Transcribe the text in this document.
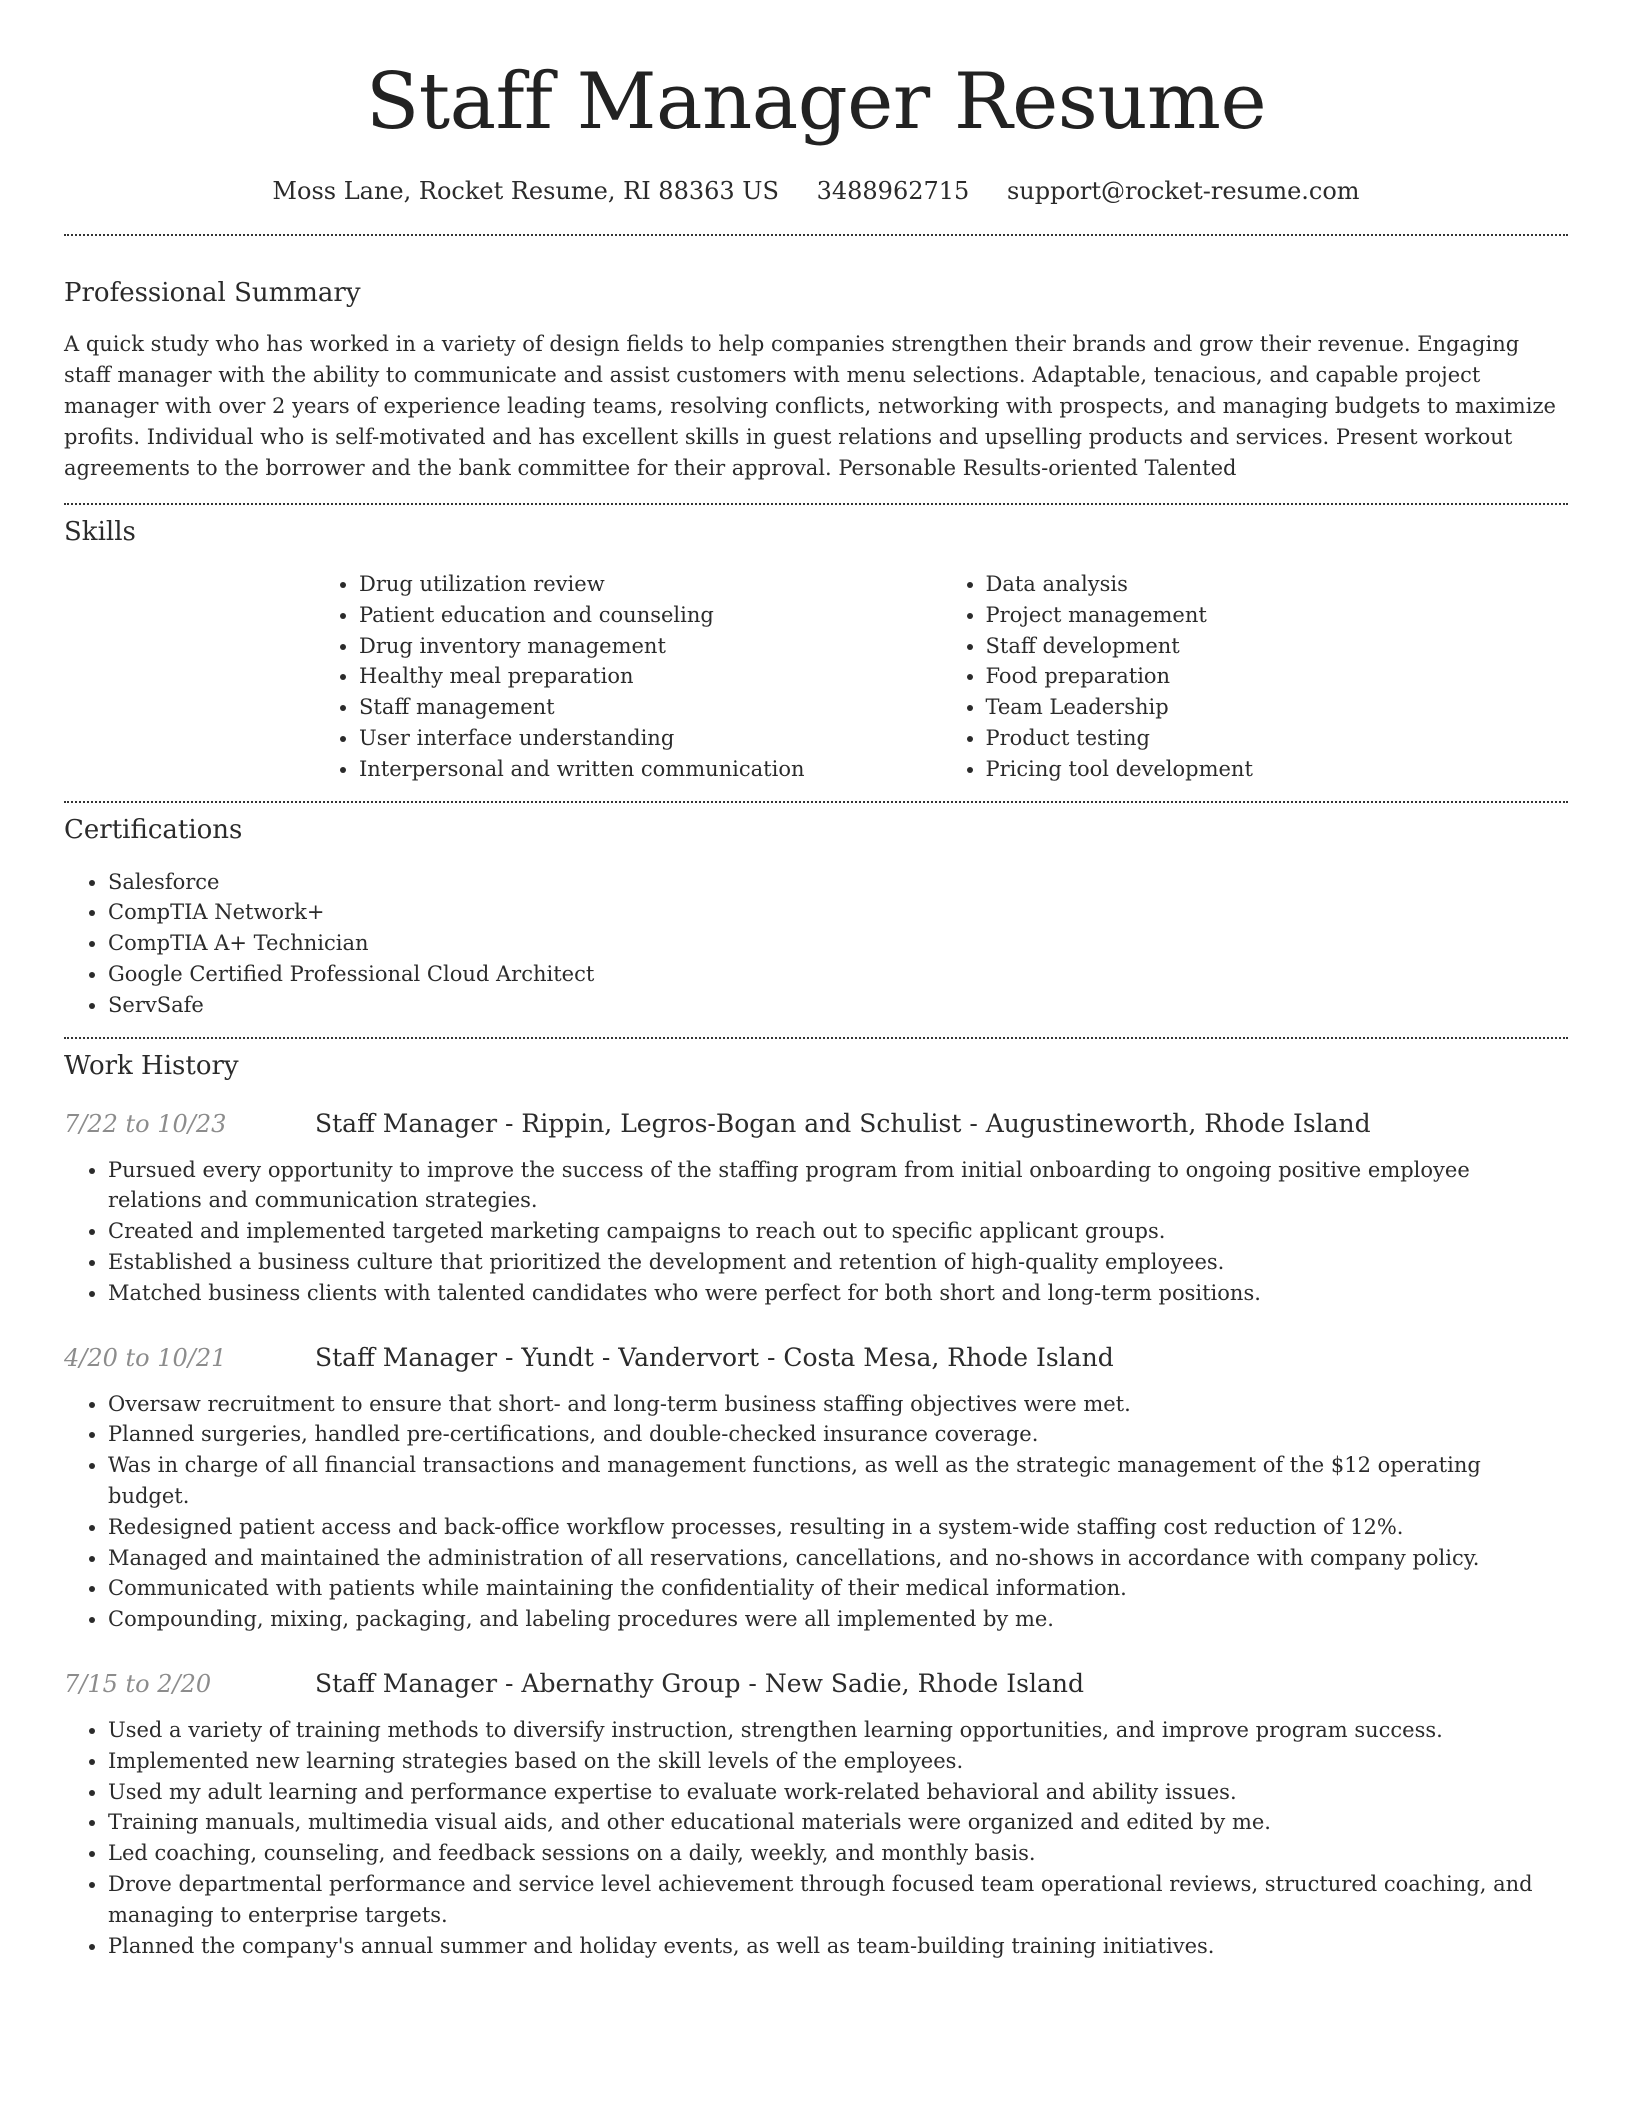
Staff Manager Resume
Moss Lane, Rocket Resume, RI 88363 US 3488962715 support@rocket-resume.com
Professional Summary

A quick study who has worked in a variety of design fields to help companies strengthen their brands and grow their revenue. Engaging staff manager with the ability to communicate and assist customers with menu selections. Adaptable, tenacious, and capable project manager with over 2 years of experience leading teams, resolving conflicts, networking with prospects, and managing budgets to maximize profits. Individual who is self-motivated and has excellent skills in guest relations and upselling products and services. Present workout agreements to the borrower and the bank committee for their approval. Personable Results-oriented Talented

Skills
• Drug utilization review
• Patient education and counseling
• Drug inventory management
• Healthy meal preparation
• Staff management
• User interface understanding
• Interpersonal and written communication
• Data analysis
• Project management
• Staff development
• Food preparation
• Team Leadership
• Product testing
• Pricing tool development
Certifications
• Salesforce
• CompTIA Network+
• CompTIA A+ Technician
• Google Certified Professional Cloud Architect
• ServSafe
Work History
7/22 to 10/23	Staff Manager - Rippin, Legros-Bogan and Schulist - Augustineworth, Rhode Island
• Pursued every opportunity to improve the success of the staffing program from initial onboarding to ongoing positive employee relations and communication strategies.
• Created and implemented targeted marketing campaigns to reach out to specific applicant groups.
• Established a business culture that prioritized the development and retention of high-quality employees.
• Matched business clients with talented candidates who were perfect for both short and long-term positions.
4/20 to 10/21	Staff Manager - Yundt - Vandervort - Costa Mesa, Rhode Island
• Oversaw recruitment to ensure that short- and long-term business staffing objectives were met.
• Planned surgeries, handled pre-certifications, and double-checked insurance coverage.
• Was in charge of all financial transactions and management functions, as well as the strategic management of the $12 operating budget.
• Redesigned patient access and back-office workflow processes, resulting in a system-wide staffing cost reduction of 12%.
• Managed and maintained the administration of all reservations, cancellations, and no-shows in accordance with company policy.
• Communicated with patients while maintaining the confidentiality of their medical information.
• Compounding, mixing, packaging, and labeling procedures were all implemented by me.
7/15 to 2/20	Staff Manager - Abernathy Group - New Sadie, Rhode Island
• Used a variety of training methods to diversify instruction, strengthen learning opportunities, and improve program success.
• Implemented new learning strategies based on the skill levels of the employees.
• Used my adult learning and performance expertise to evaluate work-related behavioral and ability issues.
• Training manuals, multimedia visual aids, and other educational materials were organized and edited by me.
• Led coaching, counseling, and feedback sessions on a daily, weekly, and monthly basis.
• Drove departmental performance and service level achievement through focused team operational reviews, structured coaching, and managing to enterprise targets.
• Planned the company's annual summer and holiday events, as well as team-building training initiatives.
